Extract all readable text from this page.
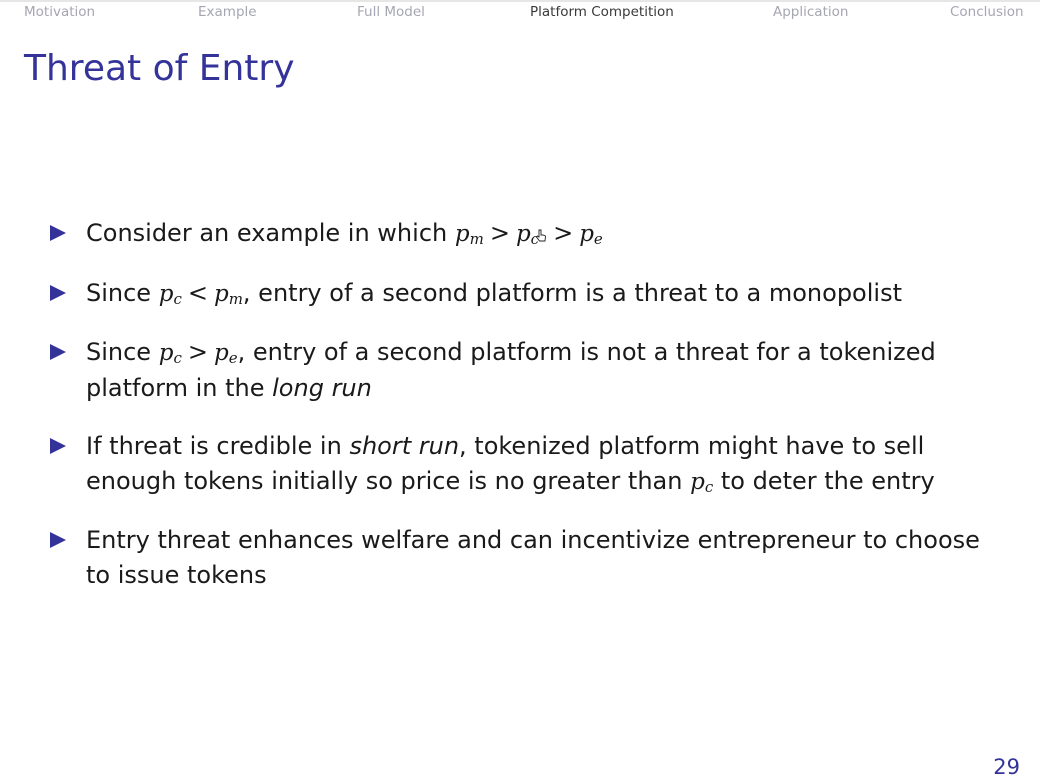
Motivation	Example	Full Model	Platform Competition	Application	Conclusion
Threat of Entry
Consider an example in which $p_m > p_c > p_e$
Since $p_c < p_m$, entry of a second platform is a threat to a monopolist
Since $p_c > p_e$, entry of a second platform is not a threat for a tokenized
platform in the long run
If threat is credible in short run, tokenized platform might have to sell
enough tokens initially so price is no greater than $p_c$ to deter the entry
Entry threat enhances welfare and can incentivize entrepreneur to choose
to issue tokens
29
